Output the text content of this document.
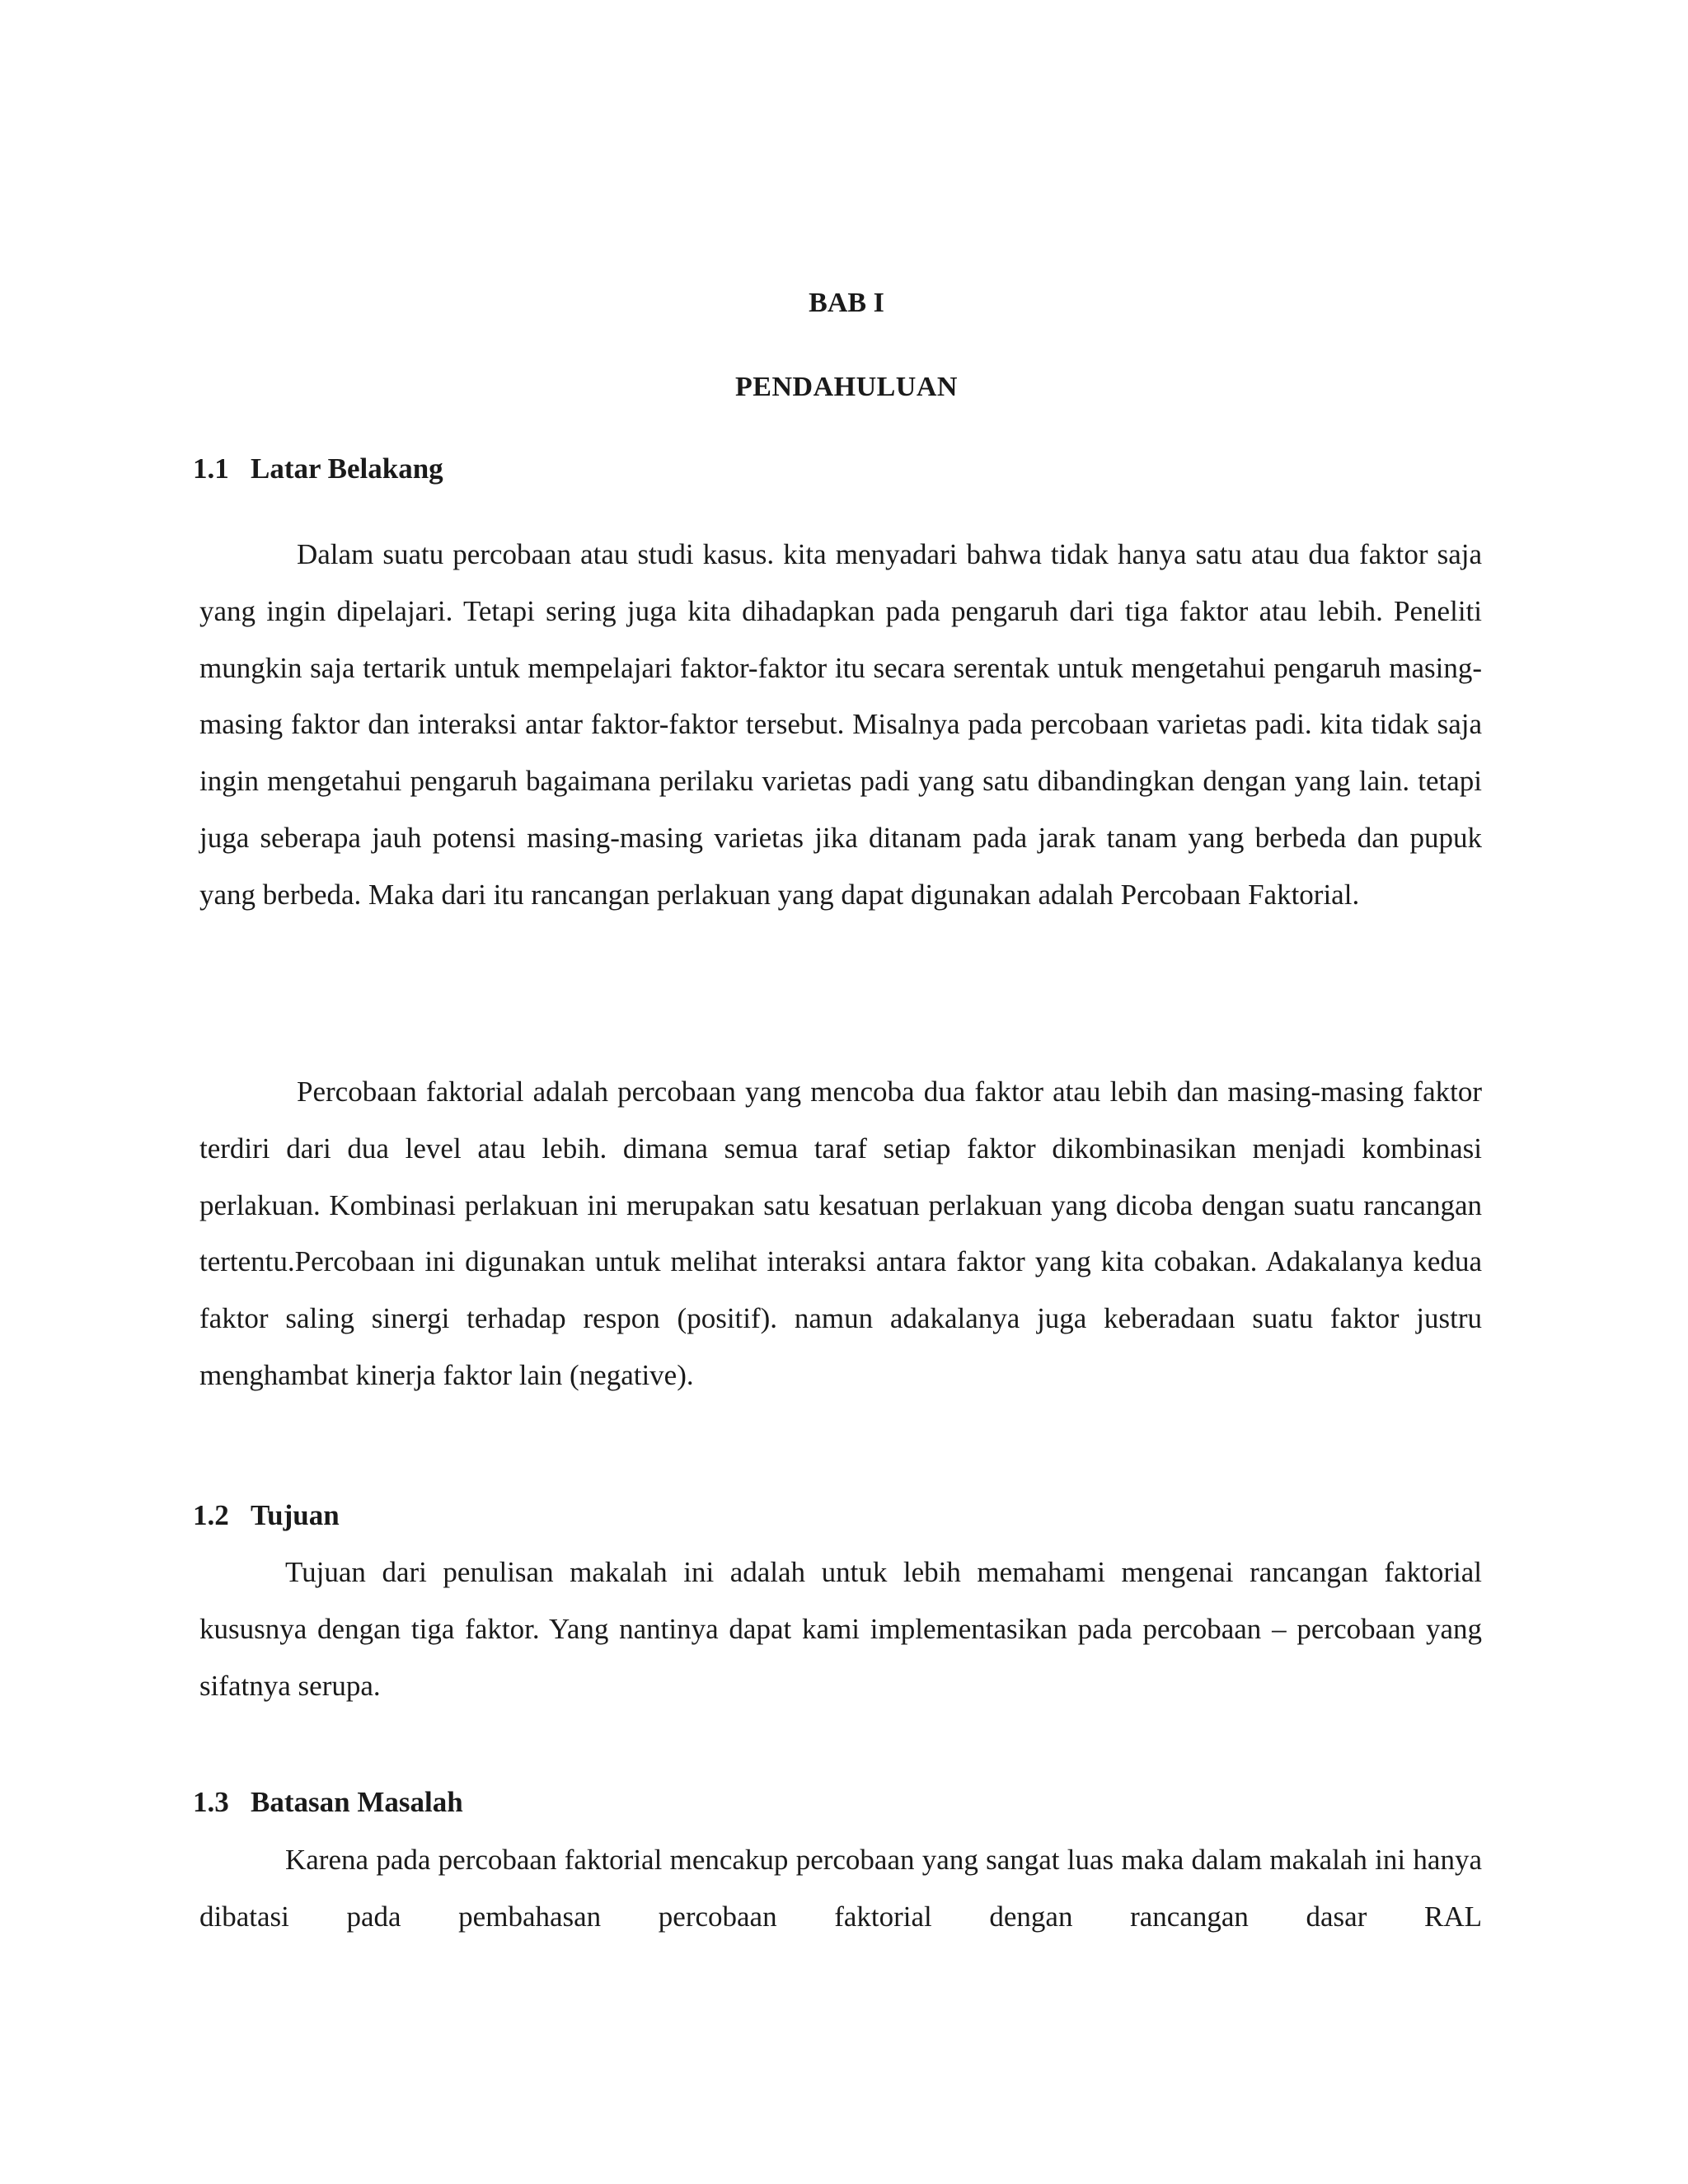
BAB I
PENDAHULUAN
1.1 Latar Belakang
Dalam suatu percobaan atau studi kasus. kita menyadari bahwa tidak hanya satu atau dua faktor saja yang ingin dipelajari. Tetapi sering juga kita dihadapkan pada pengaruh dari tiga faktor atau lebih. Peneliti mungkin saja tertarik untuk mempelajari faktor-faktor itu secara serentak untuk mengetahui pengaruh masing-masing faktor dan interaksi antar faktor-faktor tersebut. Misalnya pada percobaan varietas padi. kita tidak saja ingin mengetahui pengaruh bagaimana perilaku varietas padi yang satu dibandingkan dengan yang lain. tetapi juga seberapa jauh potensi masing-masing varietas jika ditanam pada jarak tanam yang berbeda dan pupuk yang berbeda. Maka dari itu rancangan perlakuan yang dapat digunakan adalah Percobaan Faktorial.
Percobaan faktorial adalah percobaan yang mencoba dua faktor atau lebih dan masing-masing faktor terdiri dari dua level atau lebih. dimana semua taraf setiap faktor dikombinasikan menjadi kombinasi perlakuan. Kombinasi perlakuan ini merupakan satu kesatuan perlakuan yang dicoba dengan suatu rancangan tertentu.Percobaan ini digunakan untuk melihat interaksi antara faktor yang kita cobakan. Adakalanya kedua faktor saling sinergi terhadap respon (positif). namun adakalanya juga keberadaan suatu faktor justru menghambat kinerja faktor lain (negative).
1.2 Tujuan
Tujuan dari penulisan makalah ini adalah untuk lebih memahami mengenai rancangan faktorial kususnya dengan tiga faktor. Yang nantinya dapat kami implementasikan pada percobaan – percobaan yang sifatnya serupa.
1.3 Batasan Masalah
Karena pada percobaan faktorial mencakup percobaan yang sangat luas maka dalam makalah ini hanya dibatasi pada pembahasan percobaan faktorial dengan rancangan dasar RAL
